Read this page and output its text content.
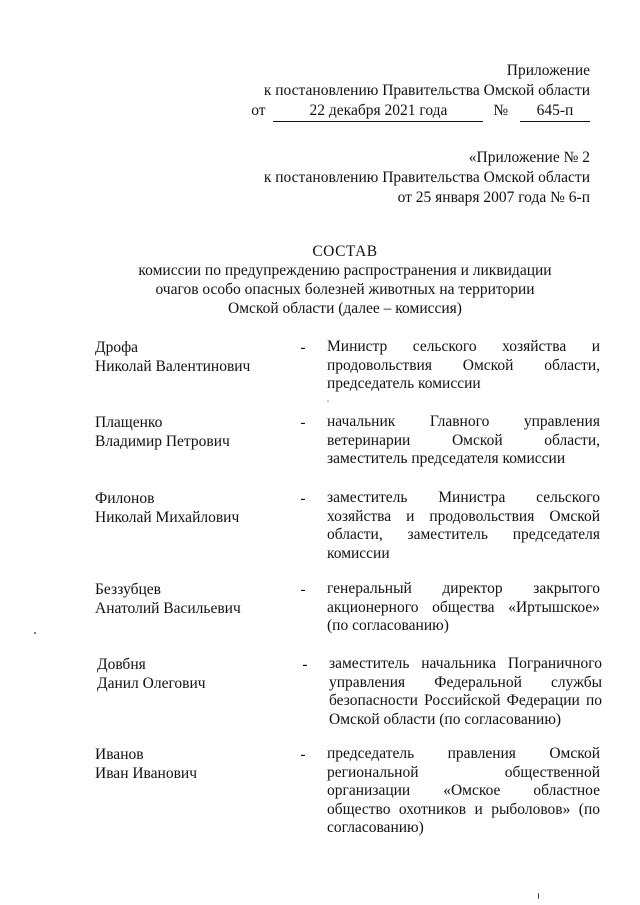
Приложение
к постановлению Правительства Омской области
от	22 декабря 2021 года	№ 645-п
«Приложение № 2
к постановлению Правительства Омской области
от 25 января 2007 года № 6-п
СОСТАВ
комиссии по предупреждению распространения и ликвидации
очагов особо опасных болезней животных на территории
Омской области (далее – комиссия)
Дрофа
Николай Валентинович
- Министр сельского хозяйства и продовольствия Омской области, председатель комиссии
Плащенко
Владимир Петрович
- начальник Главного управления ветеринарии Омской области, заместитель председателя комиссии
Филонов
Николай Михайлович
- заместитель Министра сельского хозяйства и продовольствия Омской области, заместитель председателя комиссии
Беззубцев
Анатолий Васильевич
- генеральный директор закрытого акционерного общества «Иртышское» (по согласованию)
Довбня
Данил Олегович
- заместитель начальника Пограничного управления Федеральной службы безопасности Российской Федерации по Омской области (по согласованию)
Иванов
Иван Иванович
- председатель правления Омской региональной общественной организации «Омское областное общество охотников и рыболовов» (по согласованию)
